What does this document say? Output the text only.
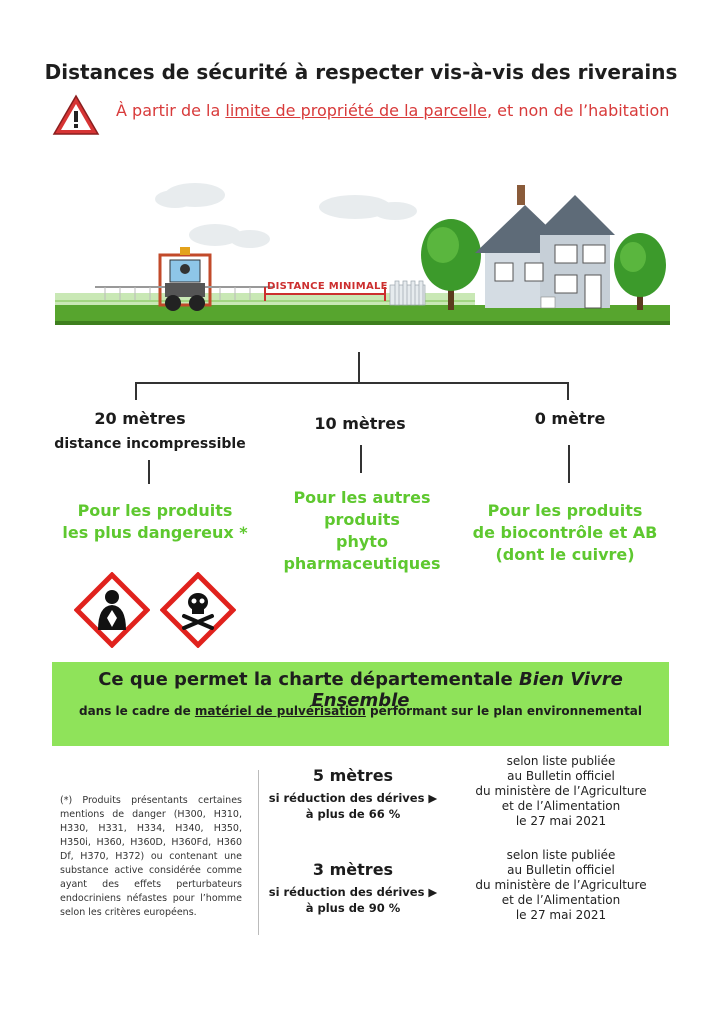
Distances de sécurité à respecter vis-à-vis des riverains
À partir de la limite de propriété de la parcelle, et non de l’habitation
DISTANCE MINIMALE
20 mètres
distance incompressible
Pour les produits
les plus dangereux *
10 mètres
Pour les autres
produits
phyto
pharmaceutiques
0 mètre
Pour les produits
de biocontrôle et AB
(dont le cuivre)
Ce que permet la charte départementale Bien Vivre Ensemble
dans le cadre de matériel de pulvérisation performant sur le plan environnemental
(*) Produits présentants certaines mentions de danger (H300, H310, H330, H331, H334, H340, H350, H350i, H360, H360D, H360Fd, H360 Df, H370, H372) ou contenant une substance active considérée comme ayant des effets perturbateurs endocriniens néfastes pour l’homme selon les critères européens.
5 mètres
si réduction des dérives ▶
à plus de 66 %
selon liste publiée
au Bulletin officiel
du ministère de l’Agriculture
et de l’Alimentation
le 27 mai 2021
3 mètres
si réduction des dérives ▶
à plus de 90 %
selon liste publiée
au Bulletin officiel
du ministère de l’Agriculture
et de l’Alimentation
le 27 mai 2021
